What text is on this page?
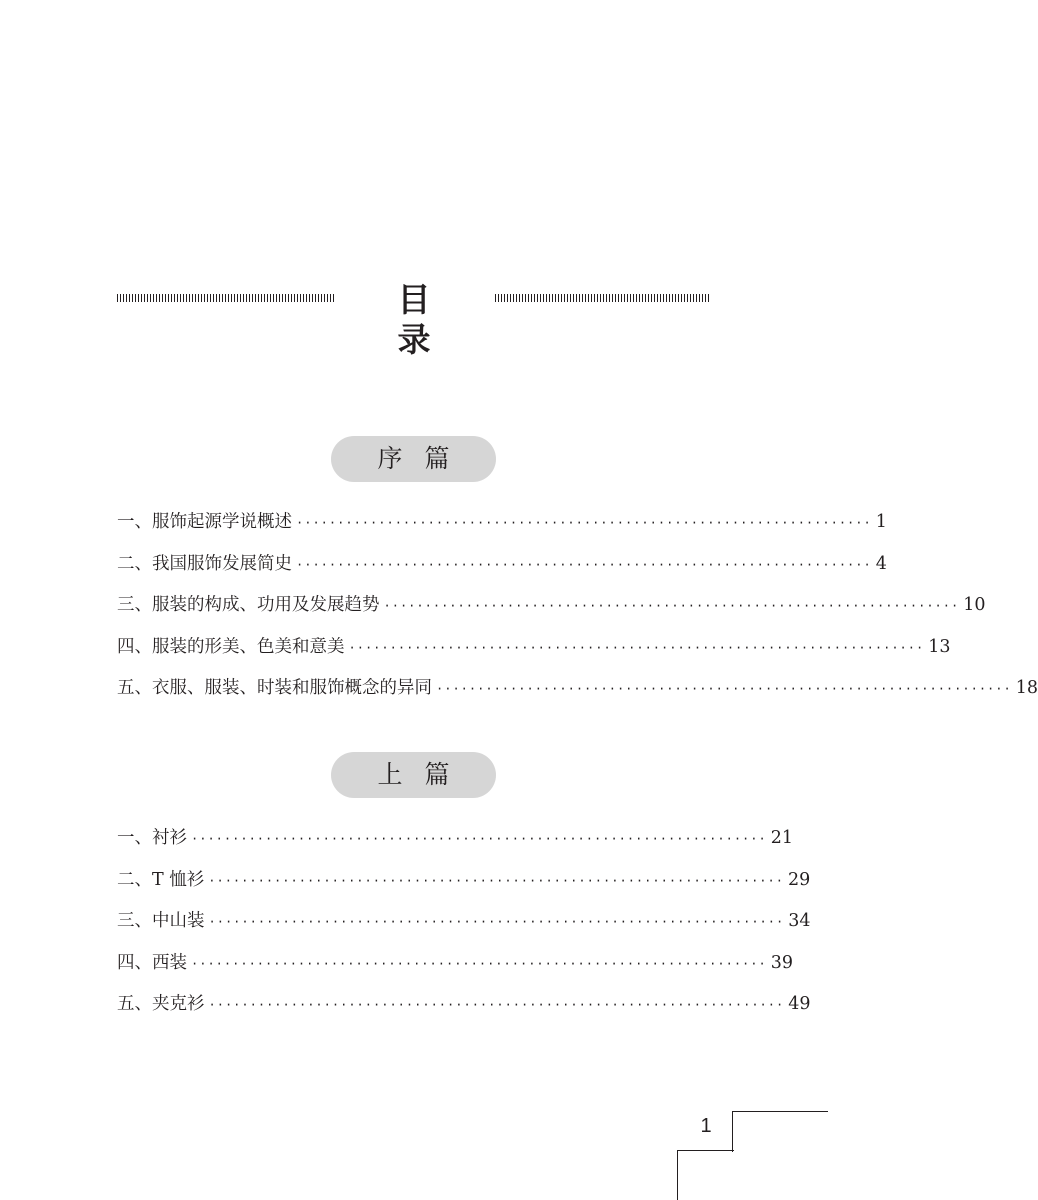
目录
序篇
一、服饰起源学说概述 ······································································ 1
二、我国服饰发展简史 ······································································ 4
三、服装的构成、功用及发展趋势 ······································································ 10
四、服装的形美、色美和意美 ······································································ 13
五、衣服、服装、时装和服饰概念的异同 ······································································ 18
上篇
一、衬衫 ······································································ 21
二、T 恤衫 ······································································ 29
三、中山装 ······································································ 34
四、西装 ······································································ 39
五、夹克衫 ······································································ 49
1
